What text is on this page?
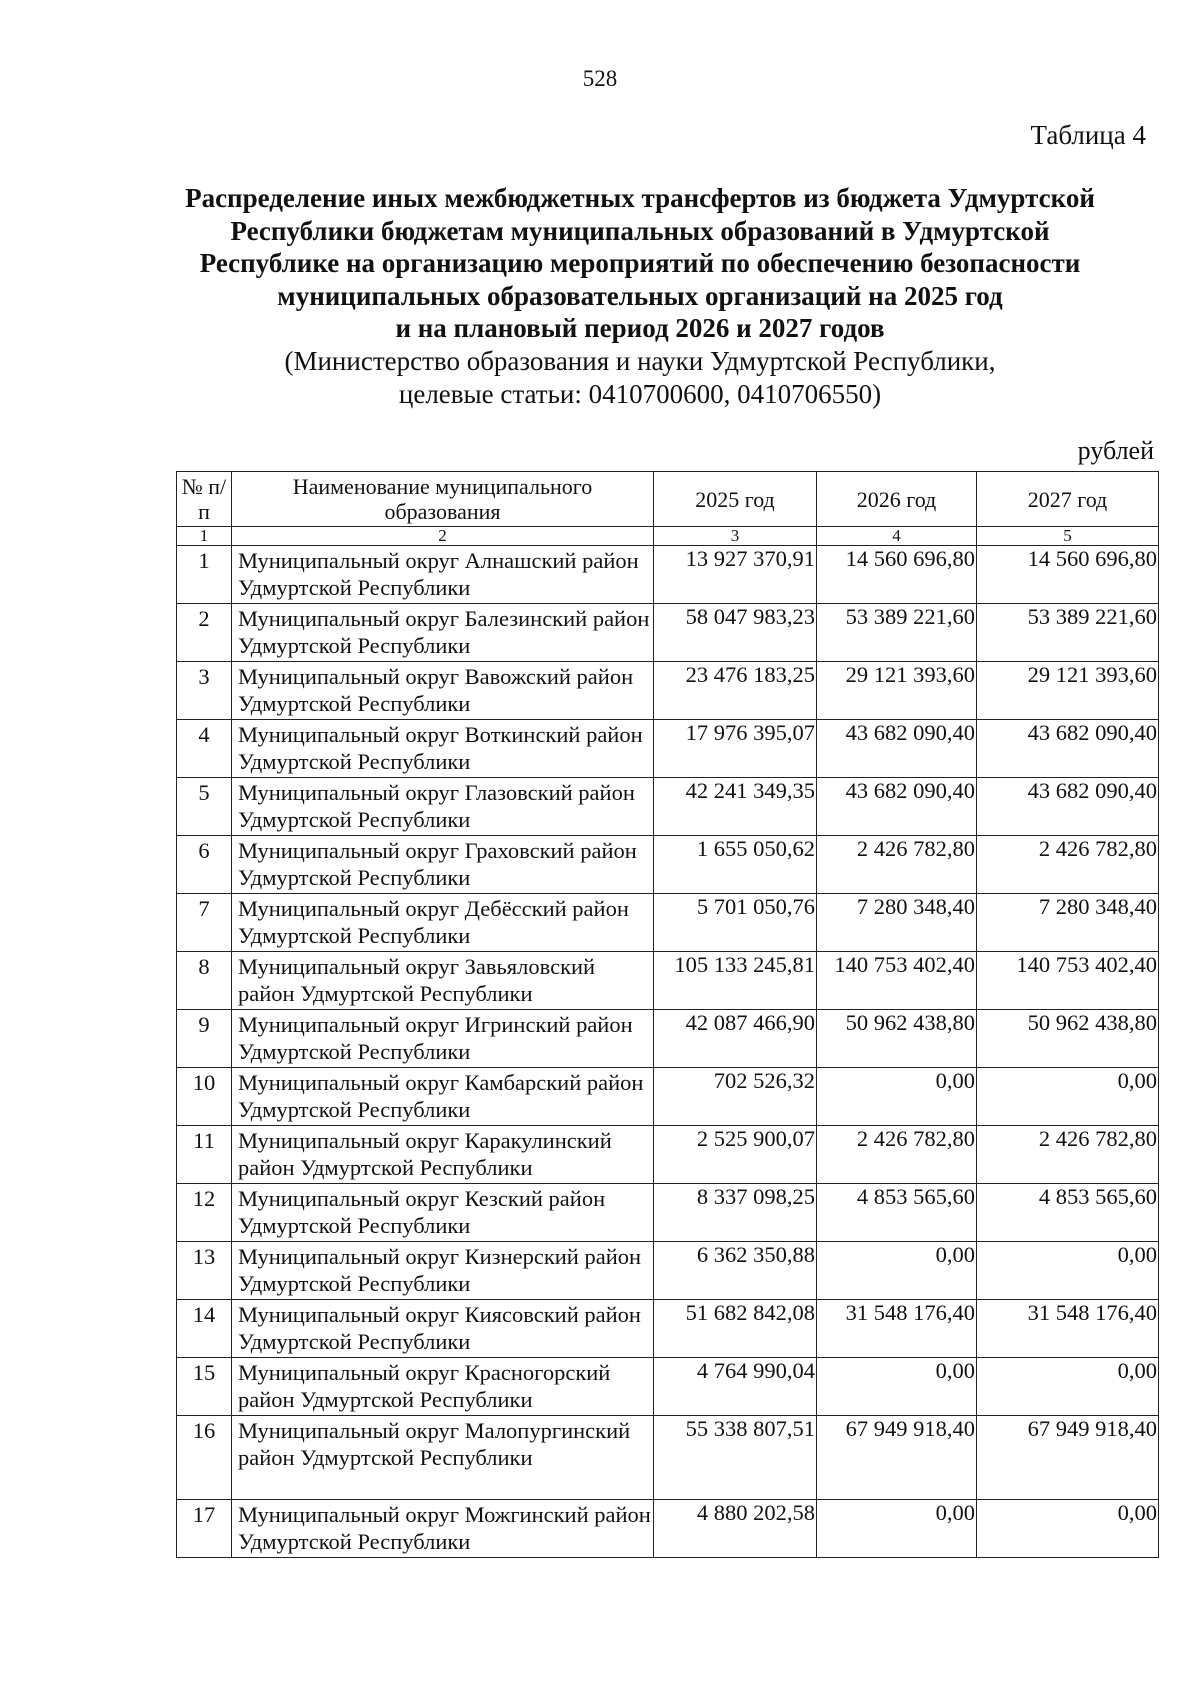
528
Таблица 4
Распределение иных межбюджетных трансфертов из бюджета Удмуртской
Республики бюджетам муниципальных образований в Удмуртской
Республике на организацию мероприятий по обеспечению безопасности
муниципальных образовательных организаций на 2025 год
и на плановый период 2026 и 2027 годов
(Министерство образования и науки Удмуртской Республики,
целевые статьи: 0410700600, 0410706550)
рублей
№ п/п	Наименование муниципального образования	2025 год	2026 год	2027 год
1	2	3	4	5
1	Муниципальный округ Алнашский район Удмуртской Республики	13 927 370,91	14 560 696,80	14 560 696,80
2	Муниципальный округ Балезинский район Удмуртской Республики	58 047 983,23	53 389 221,60	53 389 221,60
3	Муниципальный округ Вавожский район Удмуртской Республики	23 476 183,25	29 121 393,60	29 121 393,60
4	Муниципальный округ Воткинский район Удмуртской Республики	17 976 395,07	43 682 090,40	43 682 090,40
5	Муниципальный округ Глазовский район Удмуртской Республики	42 241 349,35	43 682 090,40	43 682 090,40
6	Муниципальный округ Граховский район Удмуртской Республики	1 655 050,62	2 426 782,80	2 426 782,80
7	Муниципальный округ Дебёсский район Удмуртской Республики	5 701 050,76	7 280 348,40	7 280 348,40
8	Муниципальный округ Завьяловский район Удмуртской Республики	105 133 245,81	140 753 402,40	140 753 402,40
9	Муниципальный округ Игринский район Удмуртской Республики	42 087 466,90	50 962 438,80	50 962 438,80
10	Муниципальный округ Камбарский район Удмуртской Республики	702 526,32	0,00	0,00
11	Муниципальный округ Каракулинский район Удмуртской Республики	2 525 900,07	2 426 782,80	2 426 782,80
12	Муниципальный округ Кезский район Удмуртской Республики	8 337 098,25	4 853 565,60	4 853 565,60
13	Муниципальный округ Кизнерский район Удмуртской Республики	6 362 350,88	0,00	0,00
14	Муниципальный округ Киясовский район Удмуртской Республики	51 682 842,08	31 548 176,40	31 548 176,40
15	Муниципальный округ Красногорский район Удмуртской Республики	4 764 990,04	0,00	0,00
16	Муниципальный округ Малопургинский район Удмуртской Республики	55 338 807,51	67 949 918,40	67 949 918,40
17	Муниципальный округ Можгинский район Удмуртской Республики	4 880 202,58	0,00	0,00
